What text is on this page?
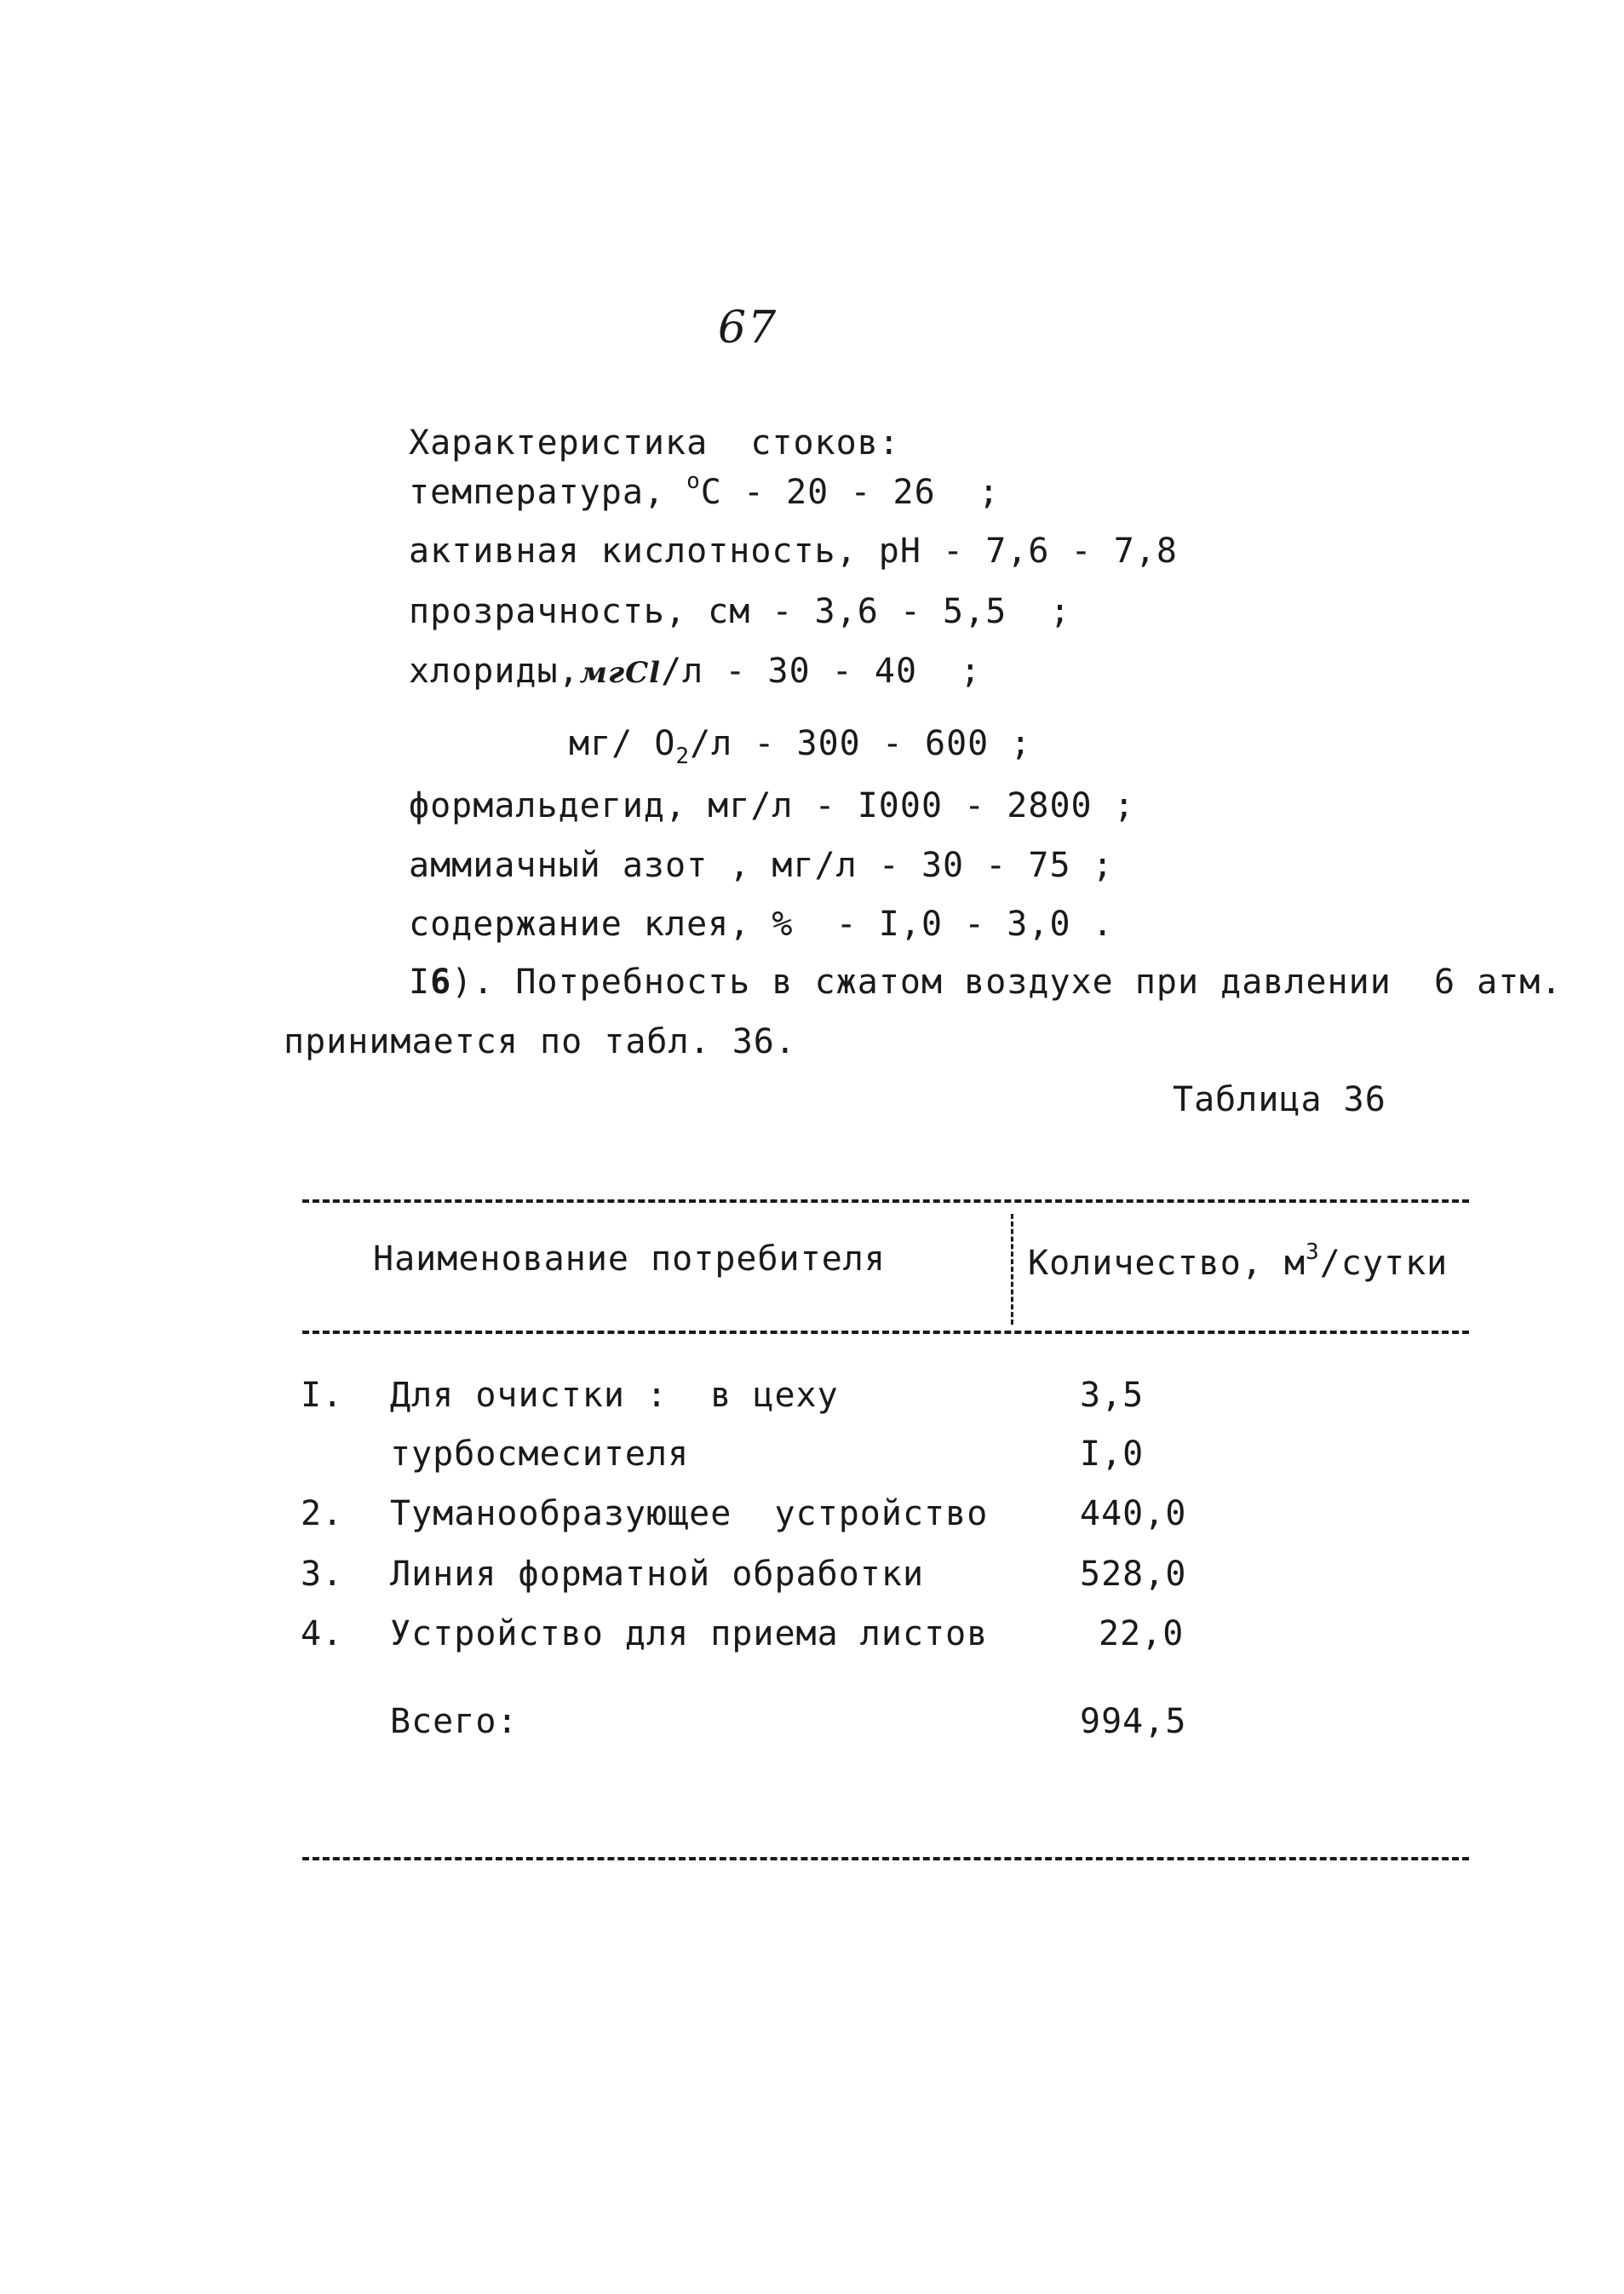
67
Характеристика  стоков:
температура, $^o$C - 20 - 26  ;
активная кислотность, pH - 7,6 - 7,8
прозрачность, см - 3,6 - 5,5  ;
хлориды,мгCl/л - 30 - 40  ;
мг/ $O_2/л - 300 - 600$ ;
формальдегид, мг/л - I000 - 2800 ;
аммиачный азот , мг/л - 30 - 75 ;
содержание клея, %  - I,0 - 3,0 .
I6). Потребность в сжатом воздухе при давлении  6 атм.
принимается по табл. 36.
Таблица 36
Наименование потребителя	Количество, $м^3$/сутки
I. Для очистки :  в цеху	3,5
турбосмесителя	I,0
2. Туманообразующее  устройство	440,0
3. Линия форматной обработки	528,0
4. Устройство для приема листов	22,0
Всего:	994,5
